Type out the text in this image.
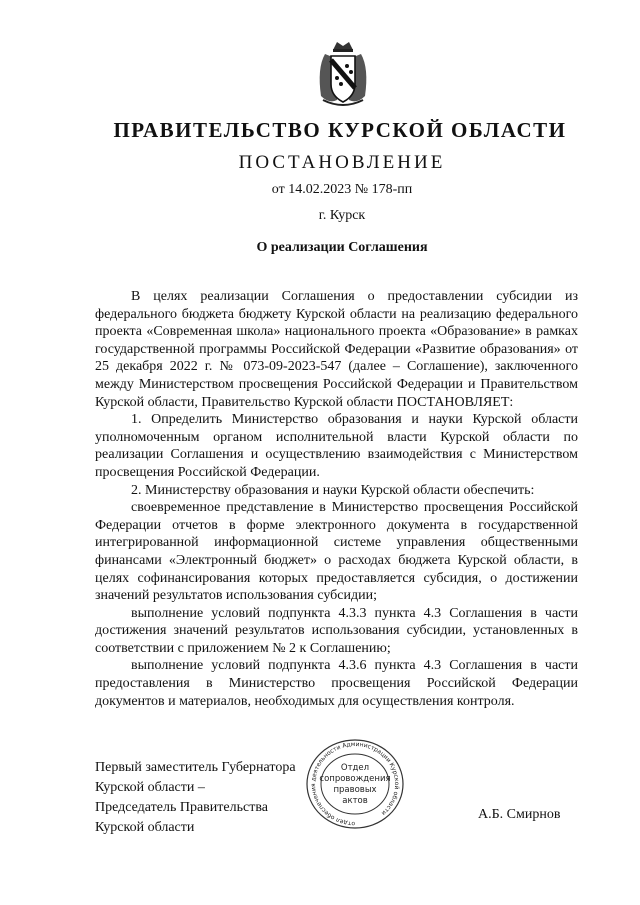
ПРАВИТЕЛЬСТВО КУРСКОЙ ОБЛАСТИ
ПОСТАНОВЛЕНИЕ
от 14.02.2023 № 178-пп
г. Курск
О реализации Соглашения

В целях реализации Соглашения о предоставлении субсидии из федерального бюджета бюджету Курской области на реализацию федерального проекта «Современная школа» национального проекта «Образование» в рамках государственной программы Российской Федерации «Развитие образования» от 25 декабря 2022 г. № 073-09-2023-547 (далее – Соглашение), заключенного между Министерством просвещения Российской Федерации и Правительством Курской области, Правительство Курской области ПОСТАНОВЛЯЕТ:

1. Определить Министерство образования и науки Курской области уполномоченным органом исполнительной власти Курской области по реализации Соглашения и осуществлению взаимодействия с Министерством просвещения Российской Федерации.

2. Министерству образования и науки Курской области обеспечить:

своевременное представление в Министерство просвещения Российской Федерации отчетов в форме электронного документа в государственной интегрированной информационной системе управления общественными финансами «Электронный бюджет» о расходах бюджета Курской области, в целях софинансирования которых предоставляется субсидия, о достижении значений результатов использования субсидии;

выполнение условий подпункта 4.3.3 пункта 4.3 Соглашения в части достижения значений результатов использования субсидии, установленных в соответствии с приложением № 2 к Соглашению;

выполнение условий подпункта 4.3.6 пункта 4.3 Соглашения в части предоставления в Министерство просвещения Российской Федерации документов и материалов, необходимых для осуществления контроля.

Первый заместитель Губернатора
Курской области –
Председатель Правительства
Курской области	отдел обеспечения деятельности Администрации Курской области
Отдел
сопровождения
правовых
актов
А.Б. Смирнов
